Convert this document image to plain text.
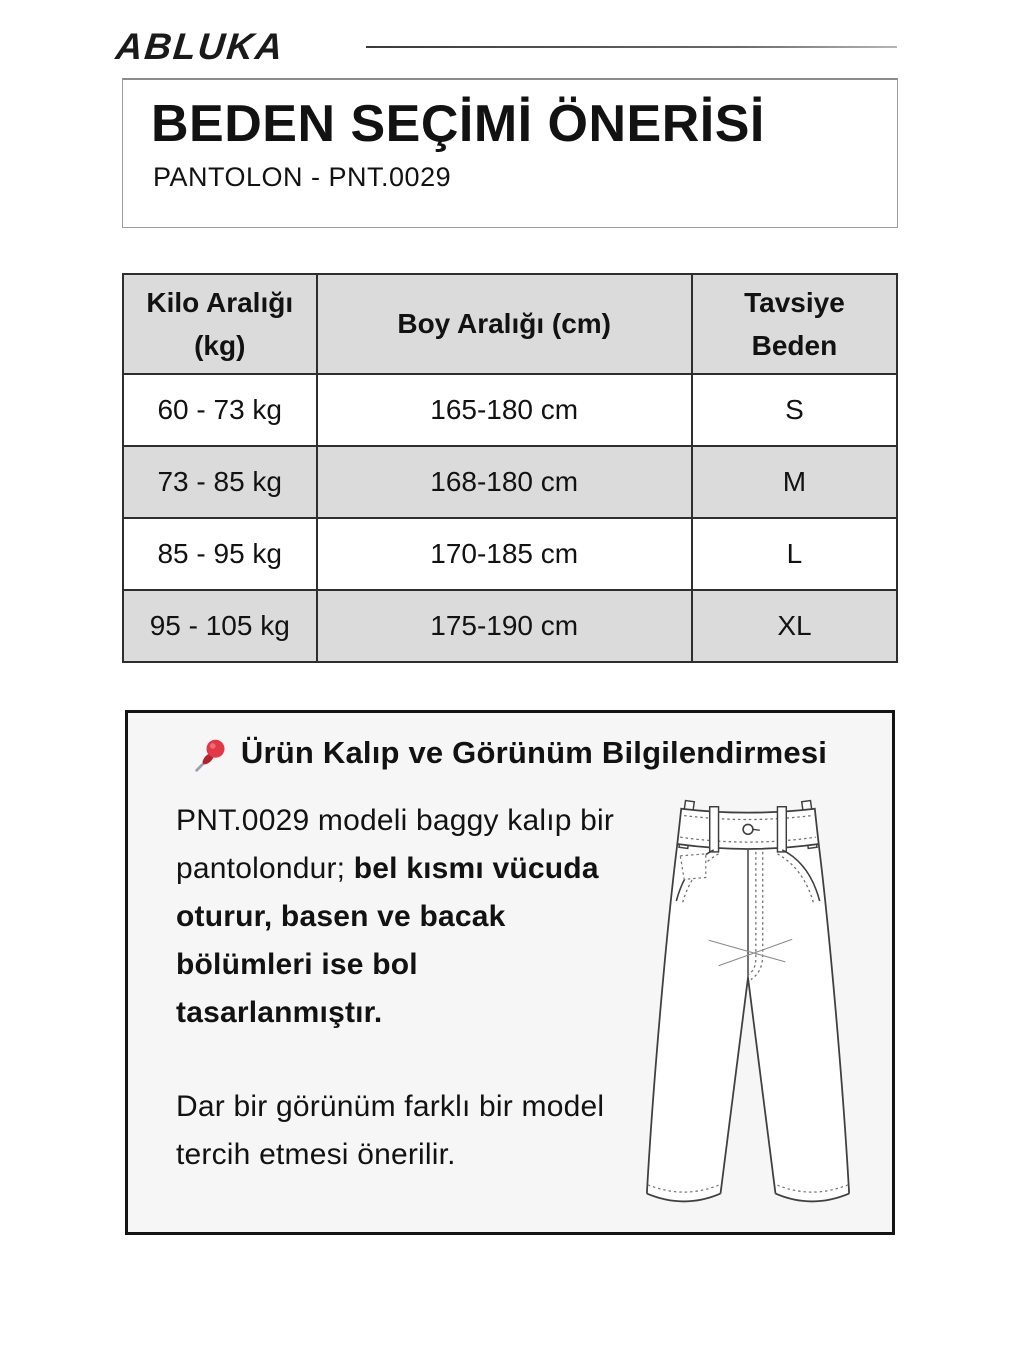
ABLUKA
BEDEN SEÇİMİ ÖNERİSİ
PANTOLON - PNT.0029
Kilo Aralığı (kg)	Boy Aralığı (cm)	Tavsiye Beden
60 - 73 kg	165-180 cm	S
73 - 85 kg	168-180 cm	M
85 - 95 kg	170-185 cm	L
95 - 105 kg	175-190 cm	XL
Ürün Kalıp ve Görünüm Bilgilendirmesi
PNT.0029 modeli baggy kalıp bir pantolondur; bel kısmı vücuda oturur, basen ve bacak bölümleri ise bol tasarlanmıştır.
Dar bir görünüm farklı bir model tercih etmesi önerilir.
